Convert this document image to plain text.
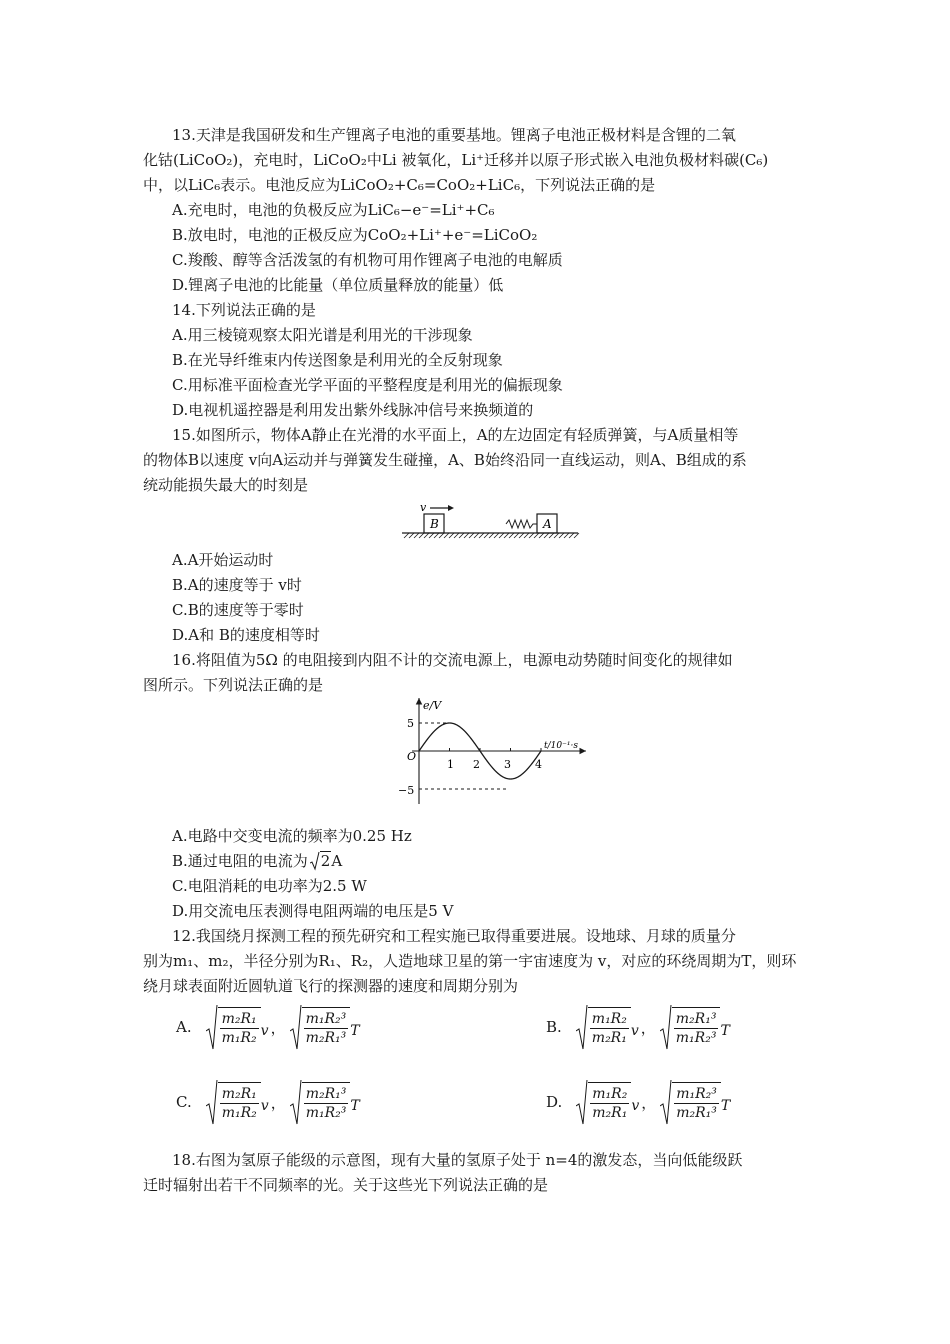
13.天津是我国研发和生产锂离子电池的重要基地。锂离子电池正极材料是含锂的二氧
化钴(LiCoO₂)，充电时，LiCoO₂中Li 被氧化，Li⁺迁移并以原子形式嵌入电池负极材料碳(C₆)
中，以LiC₆表示。电池反应为LiCoO₂+C₆=CoO₂+LiC₆，下列说法正确的是
A.充电时，电池的负极反应为LiC₆−e⁻=Li⁺+C₆
B.放电时，电池的正极反应为CoO₂+Li⁺+e⁻=LiCoO₂
C.羧酸、醇等含活泼氢的有机物可用作锂离子电池的电解质
D.锂离子电池的比能量（单位质量释放的能量）低
14.下列说法正确的是
A.用三棱镜观察太阳光谱是利用光的干涉现象
B.在光导纤维束内传送图象是利用光的全反射现象
C.用标准平面检查光学平面的平整程度是利用光的偏振现象
D.电视机遥控器是利用发出紫外线脉冲信号来换频道的
15.如图所示，物体A静止在光滑的水平面上，A的左边固定有轻质弹簧，与A质量相等
的物体B以速度 v向A运动并与弹簧发生碰撞，A、B始终沿同一直线运动，则A、B组成的系
统动能损失最大的时刻是
v
B	A
A.A开始运动时
B.A的速度等于 v时
C.B的速度等于零时
D.A和 B的速度相等时
16.将阻值为5Ω 的电阻接到内阻不计的交流电源上，电源电动势随时间变化的规律如
图所示。下列说法正确的是
e/V
t/10⁻¹·s
O
5
−5
1 2 3 4
A.电路中交变电流的频率为0.25 Hz
B.通过电阻的电流为 2A
C.电阻消耗的电功率为2.5 W
D.用交流电压表测得电阻两端的电压是5 V
12.我国绕月探测工程的预先研究和工程实施已取得重要进展。设地球、月球的质量分
别为m₁、m₂，半径分别为R₁、R₂，人造地球卫星的第一宇宙速度为 v，对应的环绕周期为T，则环
绕月球表面附近圆轨道飞行的探测器的速度和周期分别为
A. $\frac{\text{m₂R₁}}{\text{m₁R₂}}$ v ， $\frac{\text{m₁R₂³}}{\text{m₂R₁³}}$ T	B. $\frac{\text{m₁R₂}}{\text{m₂R₁}}$ v ， $\frac{\text{m₂R₁³}}{\text{m₁R₂³}}$ T
C. $\frac{\text{m₂R₁}}{\text{m₁R₂}}$ v ， $\frac{\text{m₂R₁³}}{\text{m₁R₂³}}$ T	D. $\frac{\text{m₁R₂}}{\text{m₂R₁}}$ v ， $\frac{\text{m₁R₂³}}{\text{m₂R₁³}}$ T
18.右图为氢原子能级的示意图，现有大量的氢原子处于 n=4的激发态，当向低能级跃
迁时辐射出若干不同频率的光。关于这些光下列说法正确的是
